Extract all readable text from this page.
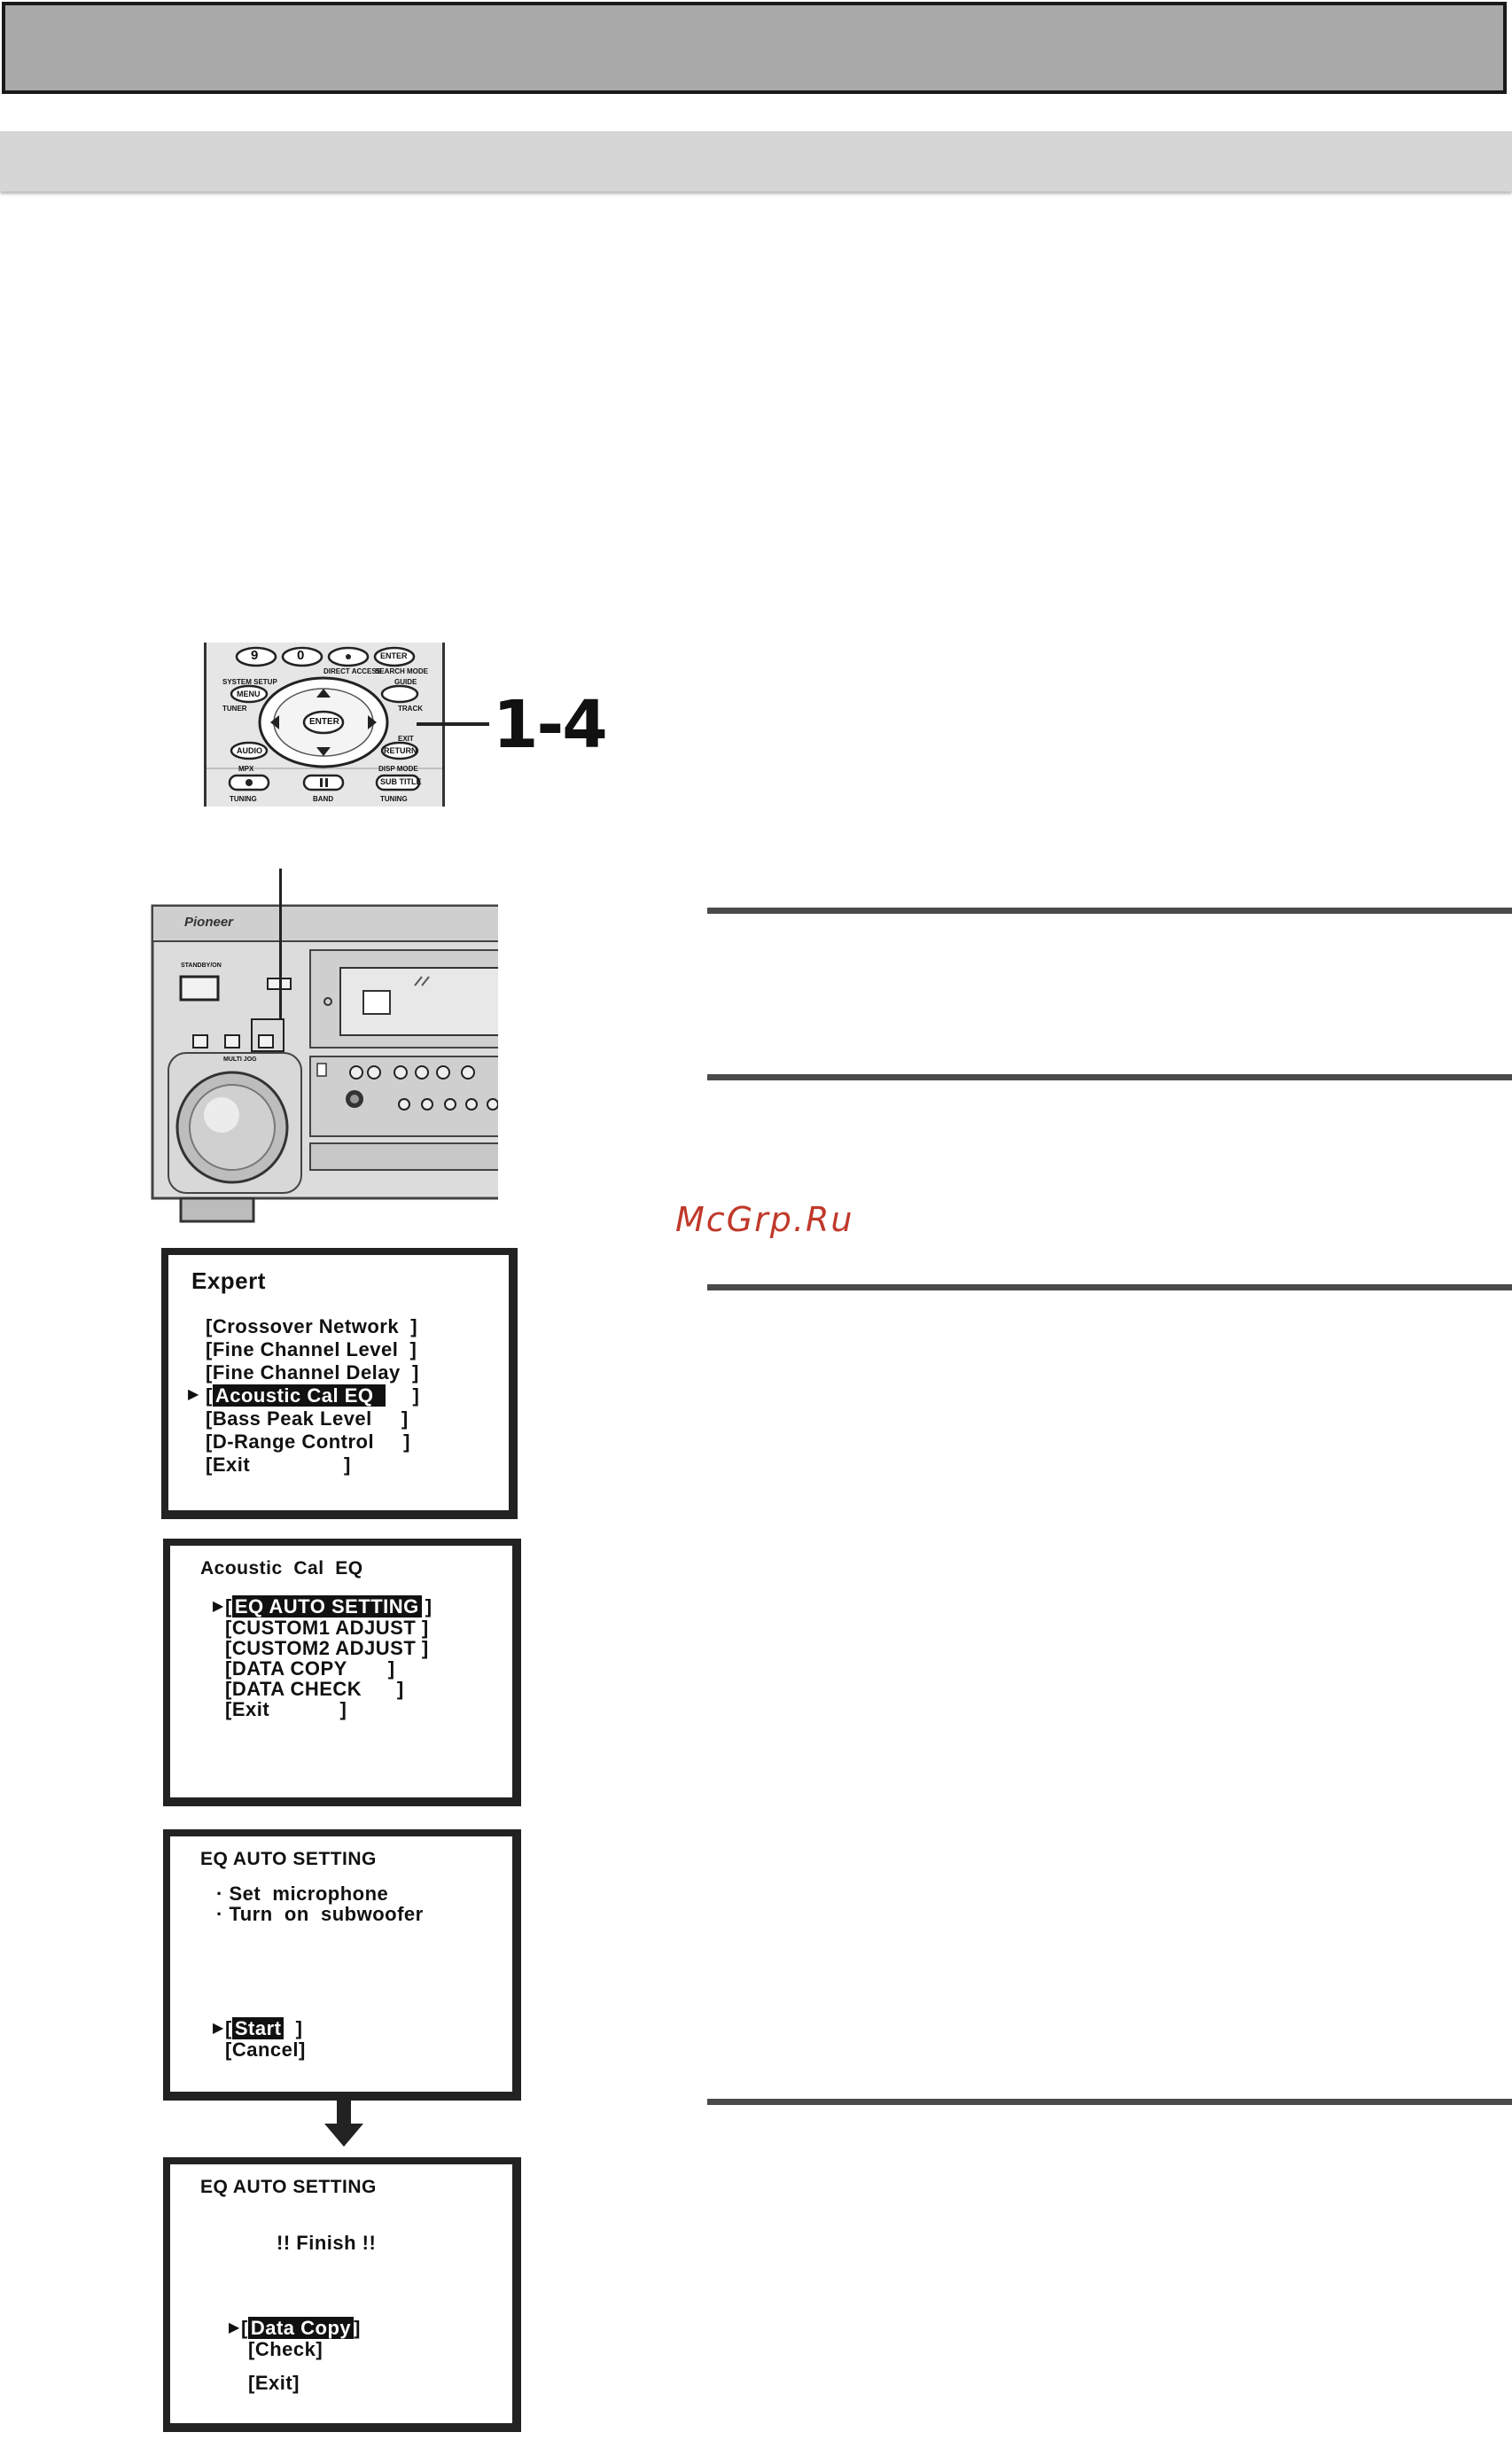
9	0	ENTER
DIRECT ACCESS
SEARCH MODE
SYSTEM SETUP	GUIDE
MENU
TUNER	TRACK
ENTER
EXIT
AUDIO	RETURN
MPX	DISP MODE
SUB TITLE
TUNING	BAND	TUNING
1-4
Pioneer
STANDBY/ON
MULTI JOG
McGrp.Ru
Expert
[Crossover Network  ]
[Fine Channel Level  ]
[Fine Channel Delay  ]
▶ [ Acoustic Cal EQ ]
[Bass Peak Level     ]
[D-Range Control     ]
[Exit                ]
Acoustic  Cal  EQ
▶ [ EQ AUTO SETTING ]
[CUSTOM1 ADJUST ]
[CUSTOM2 ADJUST ]
[DATA COPY       ]
[DATA CHECK      ]
[Exit            ]
EQ AUTO SETTING
· Set  microphone
· Turn  on  subwoofer
▶ [ Start  ]
[Cancel]
EQ AUTO SETTING
!! Finish !!
▶ [ Data Copy ]
[Check]
[Exit]
